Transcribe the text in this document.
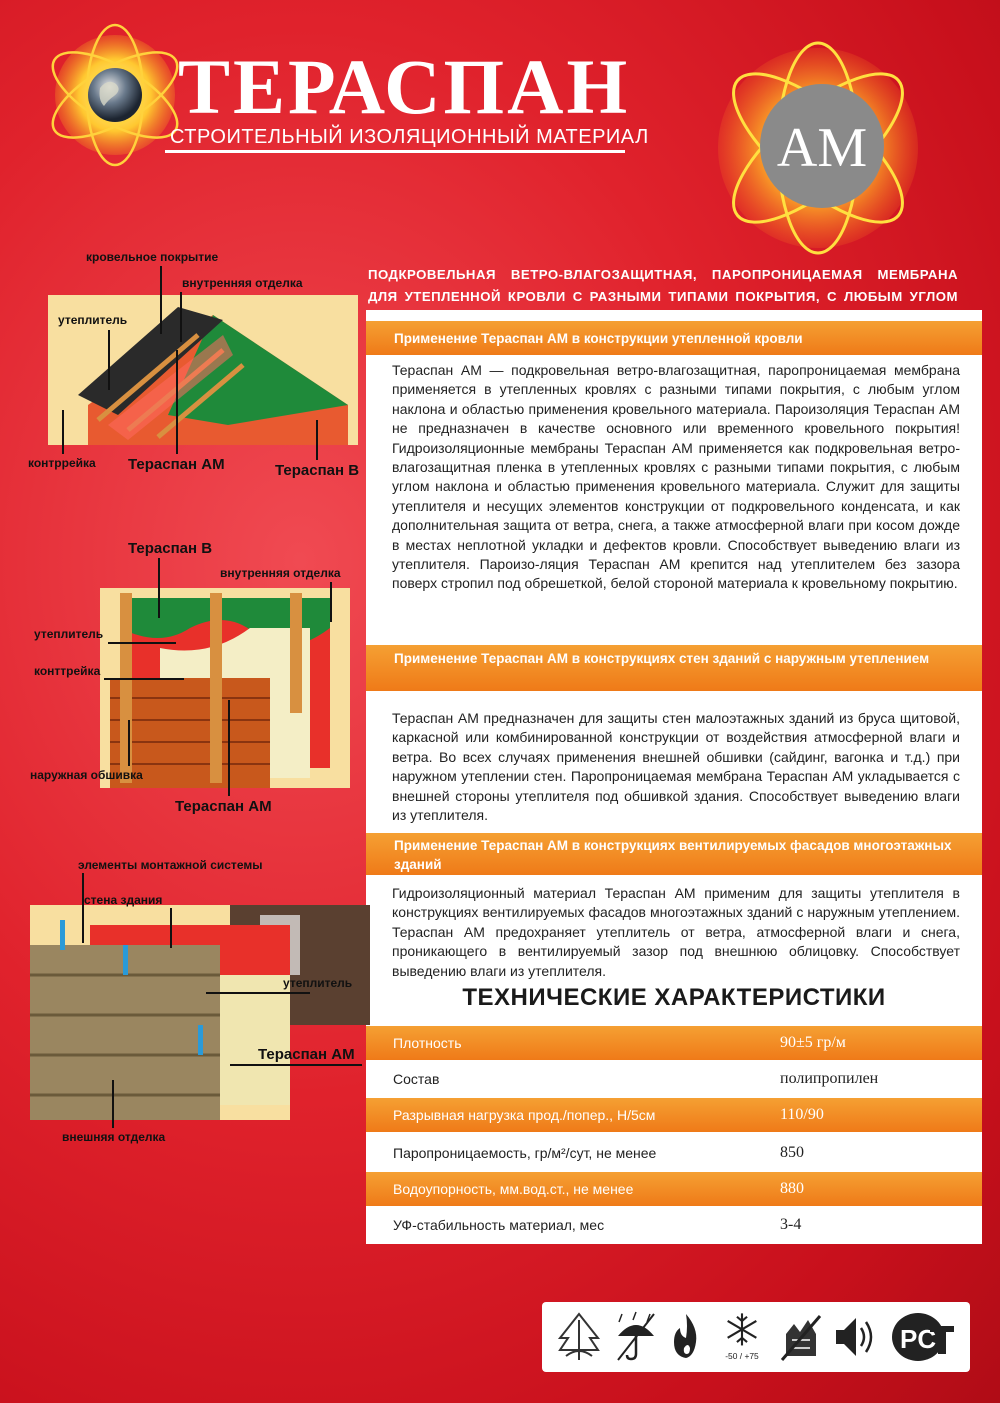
ТЕРАСПАН
СТРОИТЕЛЬНЫЙ ИЗОЛЯЦИОННЫЙ МАТЕРИАЛ АМ
ПОДКРОВЕЛЬНАЯ ВЕТРО-ВЛАГОЗАЩИТНАЯ, ПАРОПРОНИЦАЕМАЯ МЕМБРАНА
ДЛЯ УТЕПЛЕННОЙ КРОВЛИ С РАЗНЫМИ ТИПАМИ ПОКРЫТИЯ, С ЛЮБЫМ УГЛОМ
Применение Тераспан АМ в конструкции утепленной кровли

Тераспан АМ — подкровельная ветро-влагозащитная, паропроницаемая мембрана применяется в утепленных кровлях с разными типами покрытия, с любым углом наклона и областью применения кровельного материала. Пароизоляция Тераспан АМ не предназначен в качестве основного или временного кровельного покрытия! Гидроизоляционные мембраны Тераспан АМ применяется как подкровельная ветро- влагозащитная пленка в утепленных кровлях с разными типами покрытия, с любым углом наклона и областью применения кровельного материала. Служит для защиты утеплителя и несущих элементов конструкции от подкровельного конденсата, и как дополнительная защита от ветра, снега, а также атмосферной влаги при косом дожде в местах неплотной укладки и дефектов кровли. Способствует выведению влаги из утеплителя. Пароизо-ляция Тераспан АМ крепится над утеплителем без зазора поверх стропил под обрешеткой, белой стороной материала к кровельному покрытию.

Применение Тераспан АМ в конструкциях стен зданий с наружным утеплением

Тераспан АМ предназначен для защиты стен малоэтажных зданий из бруса щитовой, каркасной или комбинированной конструкции от воздействия атмосферной влаги и ветра. Во всех случаях применения внешней обшивки (сайдинг, вагонка и т.д.) при наружном утеплении стен. Паропроницаемая мембрана Тераспан АМ укладывается с внешней стороны утеплителя под обшивкой здания. Способствует выведению влаги из утеплителя.

Применение Тераспан АМ в конструкциях вентилируемых фасадов многоэтажных зданий

Гидроизоляционный материал Тераспан АМ применим для защиты утеплителя в конструкциях вентилируемых фасадов многоэтажных зданий с наружным утеплением. Тераспан АМ предохраняет утеплитель от ветра, атмосферной влаги и снега, проникающего в вентилируемый зазор под внешнюю облицовку. Способствует выведению влаги из утеплителя.

ТЕХНИЧЕСКИЕ ХАРАКТЕРИСТИКИ
Плотность	90±5 гр/м
Состав	полипропилен
Разрывная нагрузка прод./попер., Н/5см	110/90
Паропроницаемость, гр/м²/сут, не менее	850
Водоупорность, мм.вод.ст., не менее	880
УФ-стабильность материал, мес	3-4
кровельное покрытие
внутренняя отделка
утеплитель
контррейка Тераспан АМ	Тераспан В
Тераспан В
внутренняя отделка
утеплитель
конттрейка
наружная обшивка
Тераспан АМ
элементы монтажной системы
стена здания
утеплитель
Тераспан АМ
внешняя отделка
-50 / +75
PC
